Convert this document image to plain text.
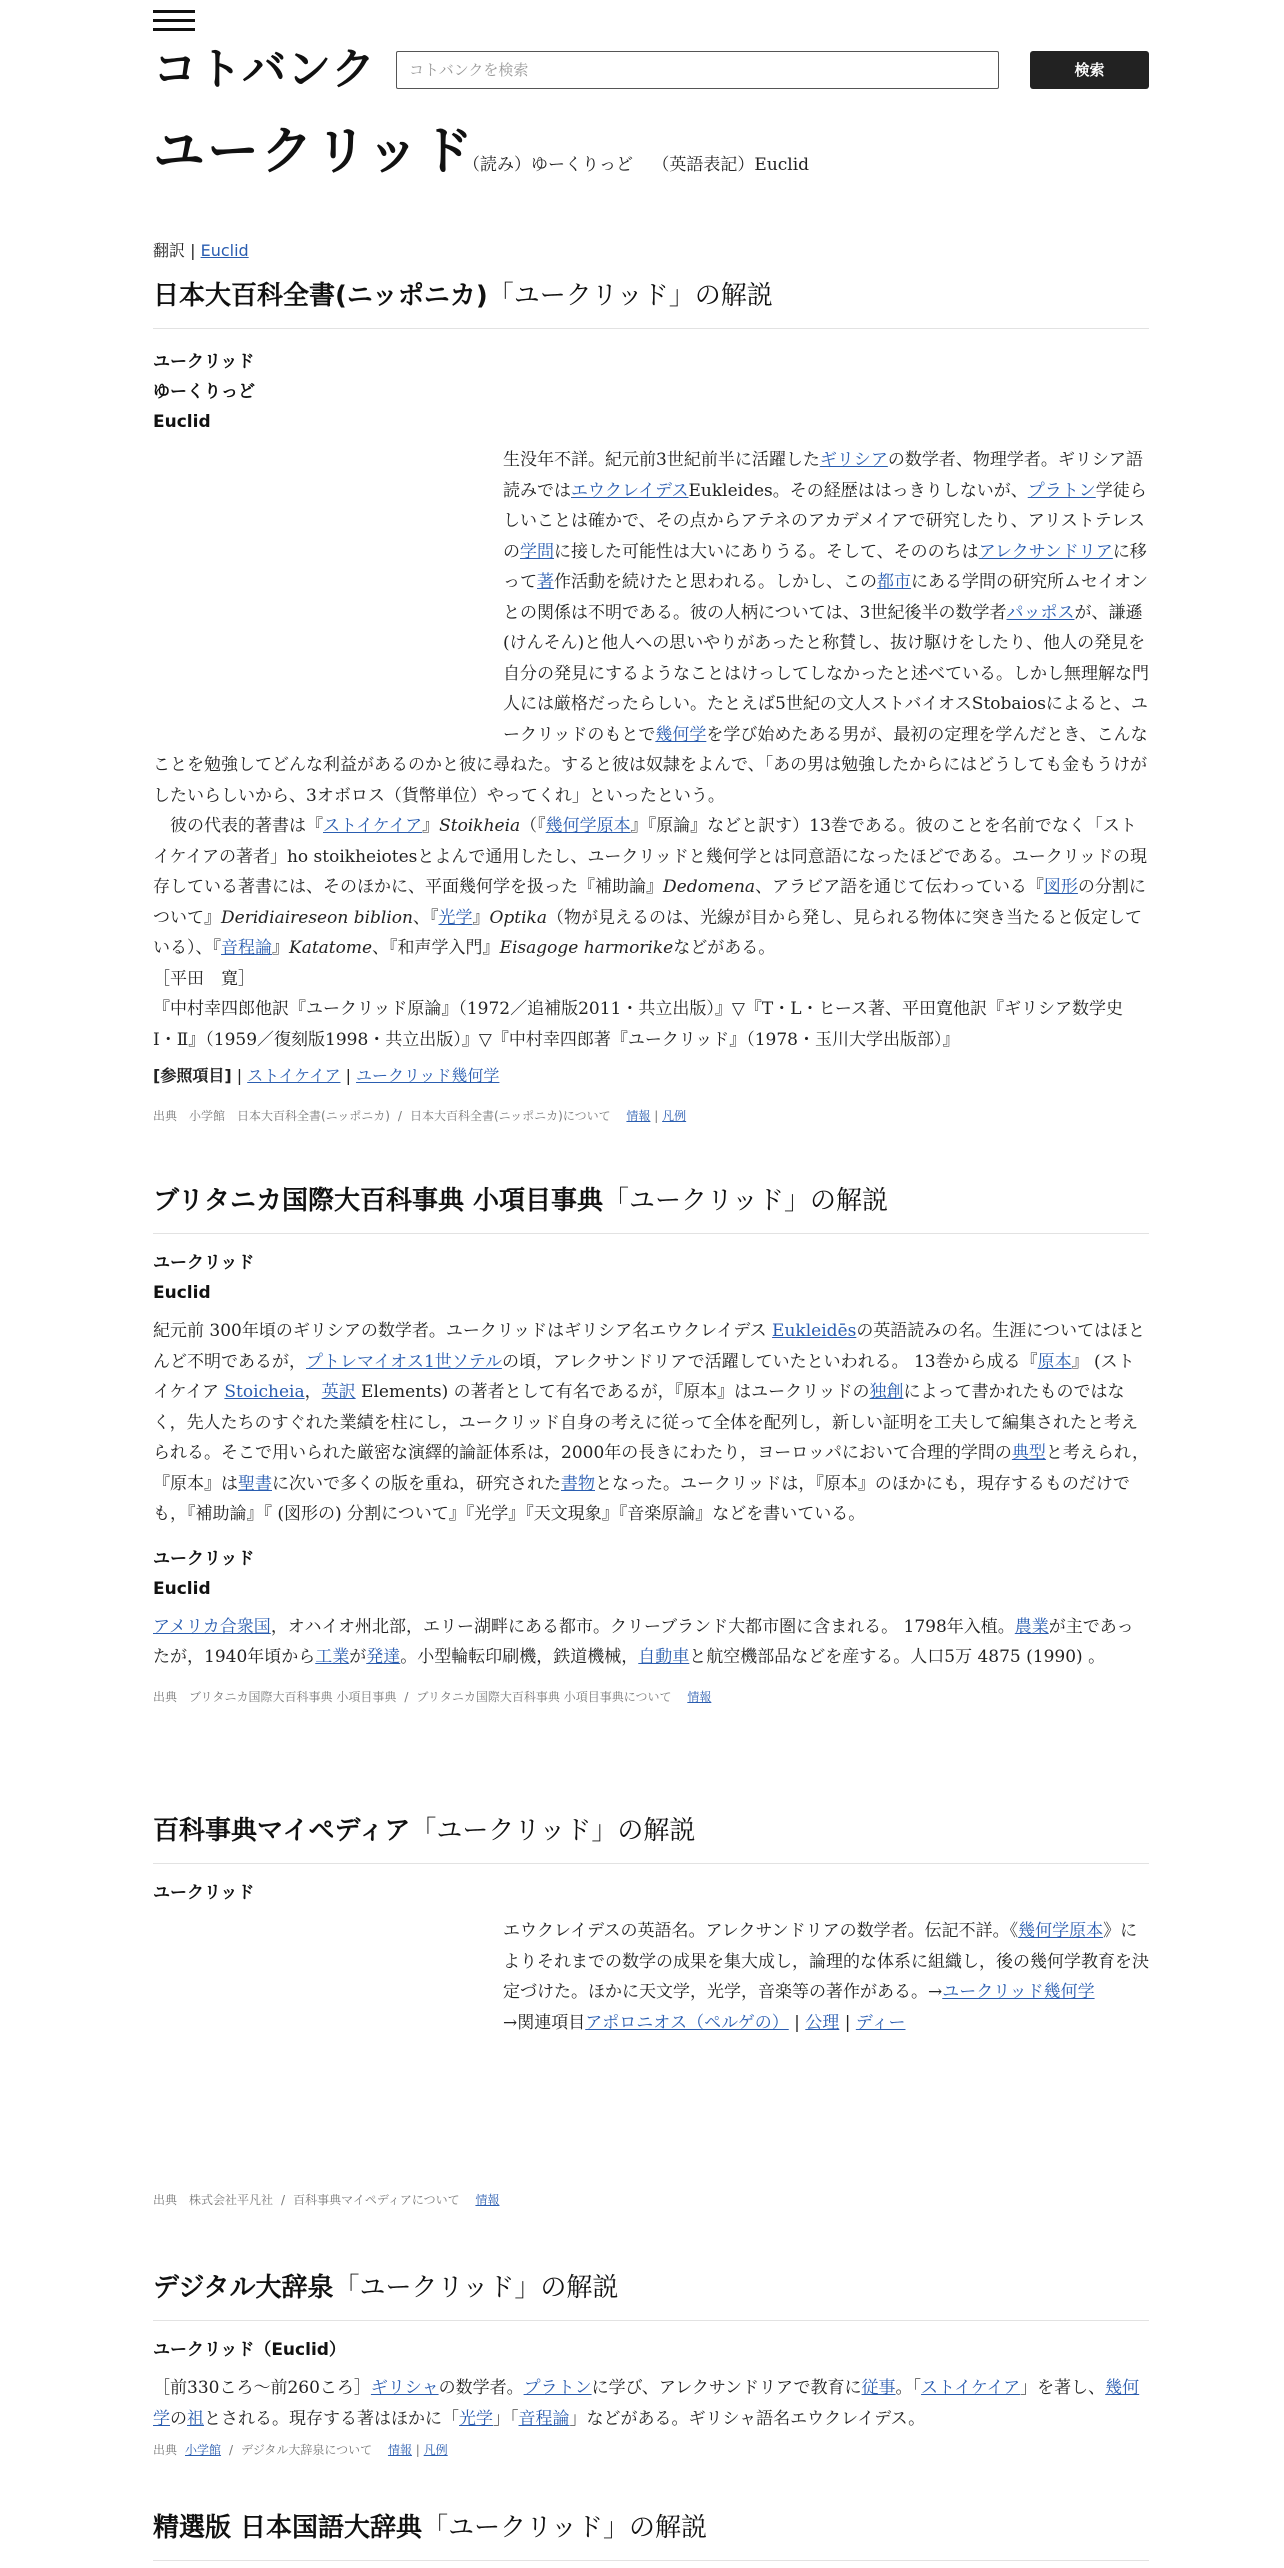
コトバンク	コトバンクを検索	検索
ユークリッド
（読み）ゆーくりっど （英語表記）Euclid
翻訳 | Euclid
日本大百科全書(ニッポニカ)「ユークリッド」の解説
ユークリッド
ゆーくりっど
Euclid

生没年不詳。紀元前3世紀前半に活躍したギリシアの数学者、物理学者。ギリシア語読みではエウクレイデスEukleides。その経歴ははっきりしないが、プラトン学徒らしいことは確かで、その点からアテネのアカデメイアで研究したり、アリストテレスの学問に接した可能性は大いにありうる。そして、そののちはアレクサンドリアに移って著作活動を続けたと思われる。しかし、この都市にある学問の研究所ムセイオンとの関係は不明である。彼の人柄については、3世紀後半の数学者パッポスが、謙遜(けんそん)と他人への思いやりがあったと称賛し、抜け駆けをしたり、他人の発見を自分の発見にするようなことはけっしてしなかったと述べている。しかし無理解な門人には厳格だったらしい。たとえば5世紀の文人ストバイオスStobaiosによると、ユークリッドのもとで幾何学を学び始めたある男が、最初の定理を学んだとき、こんなことを勉強してどんな利益があるのかと彼に尋ねた。すると彼は奴隷をよんで、「あの男は勉強したからにはどうしても金もうけがしたいらしいから、3オボロス（貨幣単位）やってくれ」といったという。

　彼の代表的著書は『ストイケイア』Stoikheia（『幾何学原本』『原論』などと訳す）13巻である。彼のことを名前でなく「ストイケイアの著者」ho stoikheiotesとよんで通用したし、ユークリッドと幾何学とは同意語になったほどである。ユークリッドの現存している著書には、そのほかに、平面幾何学を扱った『補助論』Dedomena、アラビア語を通じて伝わっている『図形の分割について』Deridiaireseon biblion、『光学』Optika（物が見えるのは、光線が目から発し、見られる物体に突き当たると仮定している）、『音程論』Katatome、『和声学入門』Eisagoge harmorikeなどがある。

［平田　寛］

『中村幸四郎他訳『ユークリッド原論』（1972／追補版2011・共立出版）』▽『T・L・ヒース著、平田寛他訳『ギリシア数学史　Ⅰ・Ⅱ』（1959／復刻版1998・共立出版）』▽『中村幸四郎著『ユークリッド』（1978・玉川大学出版部）』

[参照項目] | ストイケイア | ユークリッド幾何学
出典　小学館　日本大百科全書(ニッポニカ) / 日本大百科全書(ニッポニカ)について 情報 | 凡例
ブリタニカ国際大百科事典 小項目事典「ユークリッド」の解説
ユークリッド
Euclid

紀元前 300年頃のギリシアの数学者。ユークリッドはギリシア名エウクレイデス Eukleidēsの英語読みの名。生涯についてはほとんど不明であるが，プトレマイオス1世ソテルの頃，アレクサンドリアで活躍していたといわれる。 13巻から成る『原本』 (ストイケイア Stoicheia，英訳 Elements) の著者として有名であるが，『原本』はユークリッドの独創によって書かれたものではなく，先人たちのすぐれた業績を柱にし，ユークリッド自身の考えに従って全体を配列し，新しい証明を工夫して編集されたと考えられる。そこで用いられた厳密な演繹的論証体系は，2000年の長きにわたり，ヨーロッパにおいて合理的学問の典型と考えられ，『原本』は聖書に次いで多くの版を重ね，研究された書物となった。ユークリッドは，『原本』のほかにも，現存するものだけでも，『補助論』『 (図形の) 分割について』『光学』『天文現象』『音楽原論』などを書いている。

ユークリッド
Euclid

アメリカ合衆国，オハイオ州北部，エリー湖畔にある都市。クリーブランド大都市圏に含まれる。 1798年入植。農業が主であったが，1940年頃から工業が発達。小型輪転印刷機，鉄道機械，自動車と航空機部品などを産する。人口5万 4875 (1990) 。

出典　ブリタニカ国際大百科事典 小項目事典 / ブリタニカ国際大百科事典 小項目事典について 情報
百科事典マイペディア「ユークリッド」の解説
ユークリッド

エウクレイデスの英語名。アレクサンドリアの数学者。伝記不詳。《幾何学原本》によりそれまでの数学の成果を集大成し，論理的な体系に組織し，後の幾何学教育を決定づけた。ほかに天文学，光学，音楽等の著作がある。→ユークリッド幾何学

→関連項目アポロニオス（ペルゲの） | 公理 | ディー

出典　株式会社平凡社 / 百科事典マイペディアについて 情報
デジタル大辞泉「ユークリッド」の解説
ユークリッド（Euclid）

［前330ころ～前260ころ］ギリシャの数学者。プラトンに学び、アレクサンドリアで教育に従事。「ストイケイア」を著し、幾何学の祖とされる。現存する著はほかに「光学」「音程論」などがある。ギリシャ語名エウクレイデス。

出典 小学館 / デジタル大辞泉について 情報 | 凡例
精選版 日本国語大辞典「ユークリッド」の解説
